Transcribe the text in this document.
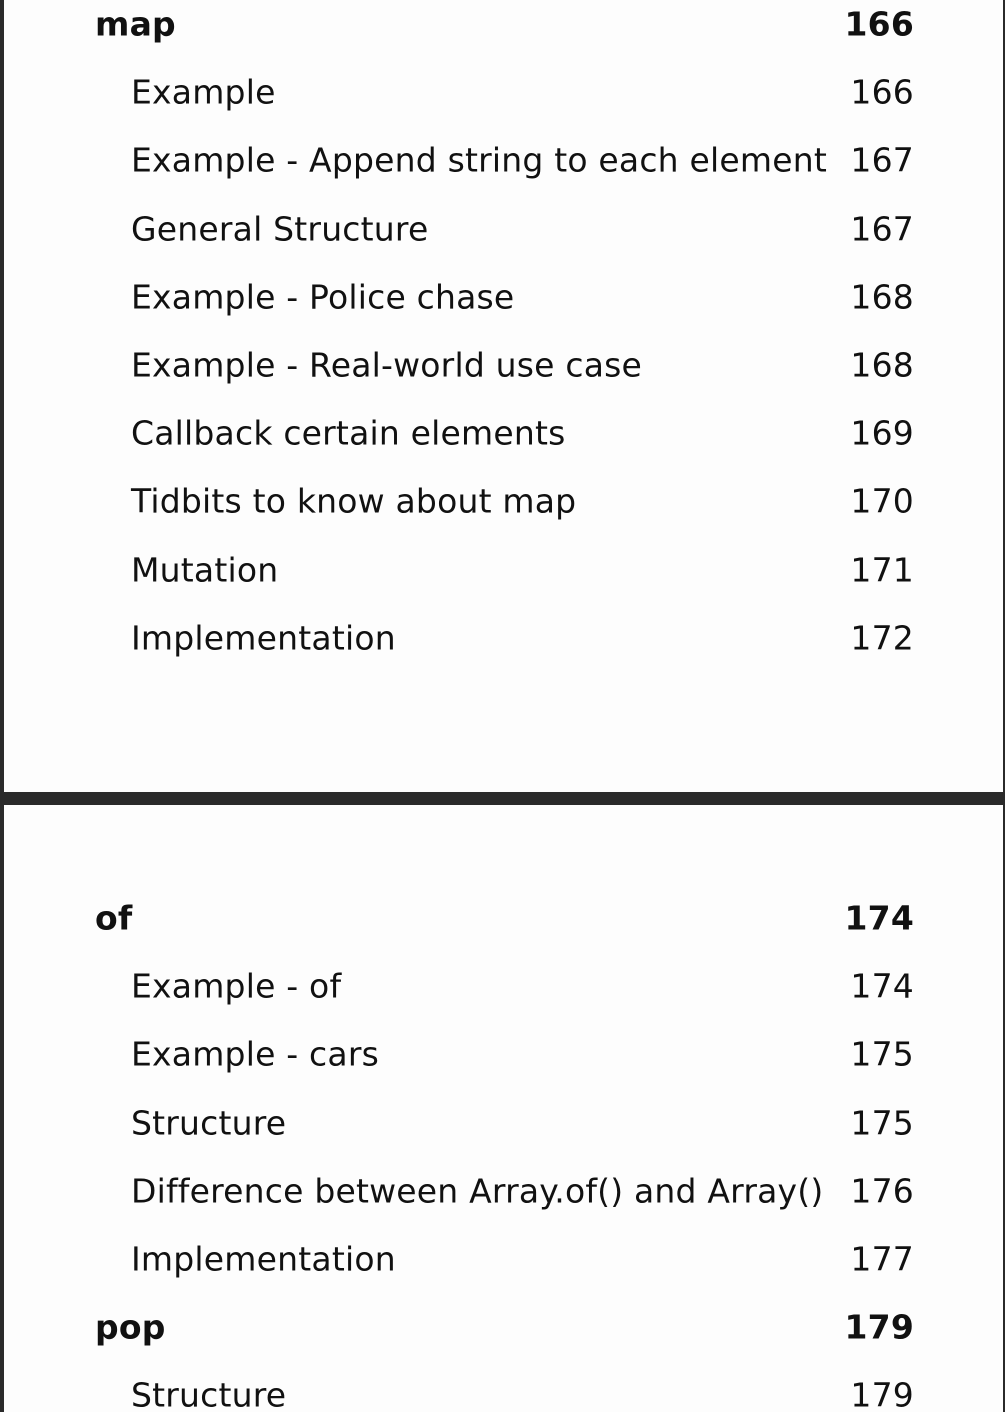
map	166
Example	166
Example - Append string to each element 167
General Structure	167
Example - Police chase	168
Example - Real-world use case	168
Callback certain elements	169
Tidbits to know about map	170
Mutation	171
Implementation	172
of	174
Example - of	174
Example - cars	175
Structure	175
Difference between Array.of() and Array() 176
Implementation	177
pop	179
Structure	179
